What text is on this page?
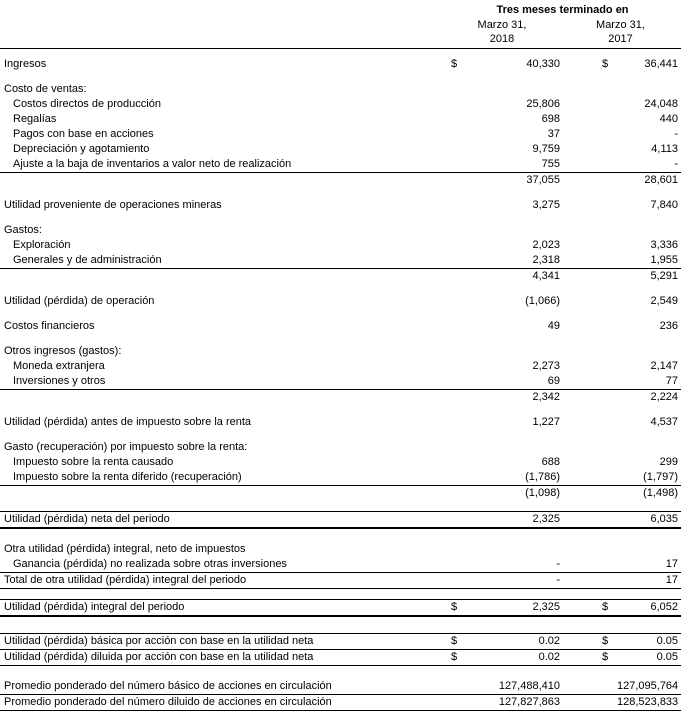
Tres meses terminado en
Marzo 31,
2018
Marzo 31,
2017
Ingresos	$	40,330	$	36,441
Costo de ventas:
Costos directos de producción	25,806	24,048
Regalías	698	440
Pagos con base en acciones	37	-
Depreciación y agotamiento	9,759	4,113
Ajuste a la baja de inventarios a valor neto de realización	755	-
37,055	28,601
Utilidad proveniente de operaciones mineras	3,275	7,840
Gastos:
Exploración	2,023	3,336
Generales y de administración	2,318	1,955
4,341	5,291
Utilidad (pérdida) de operación	(1,066)	2,549
Costos financieros	49	236
Otros ingresos (gastos):
Moneda extranjera	2,273	2,147
Inversiones y otros	69	77
2,342	2,224
Utilidad (pérdida) antes de impuesto sobre la renta	1,227	4,537
Gasto (recuperación) por impuesto sobre la renta:
Impuesto sobre la renta causado	688	299
Impuesto sobre la renta diferido (recuperación)	(1,786)	(1,797)
(1,098)	(1,498)
Utilidad (pérdida) neta del periodo	2,325	6,035
Otra utilidad (pérdida) integral, neto de impuestos
Ganancia (pérdida) no realizada sobre otras inversiones	-	17
Total de otra utilidad (pérdida) integral del periodo	-	17
Utilidad (pérdida) integral del periodo	$	2,325	$	6,052
Utilidad (pérdida) básica por acción con base en la utilidad neta	$	0.02	$	0.05
Utilidad (pérdida) diluida por acción con base en la utilidad neta	$	0.02	$	0.05
Promedio ponderado del número básico de acciones en circulación	127,488,410	127,095,764
Promedio ponderado del número diluido de acciones en circulación	127,827,863	128,523,833
